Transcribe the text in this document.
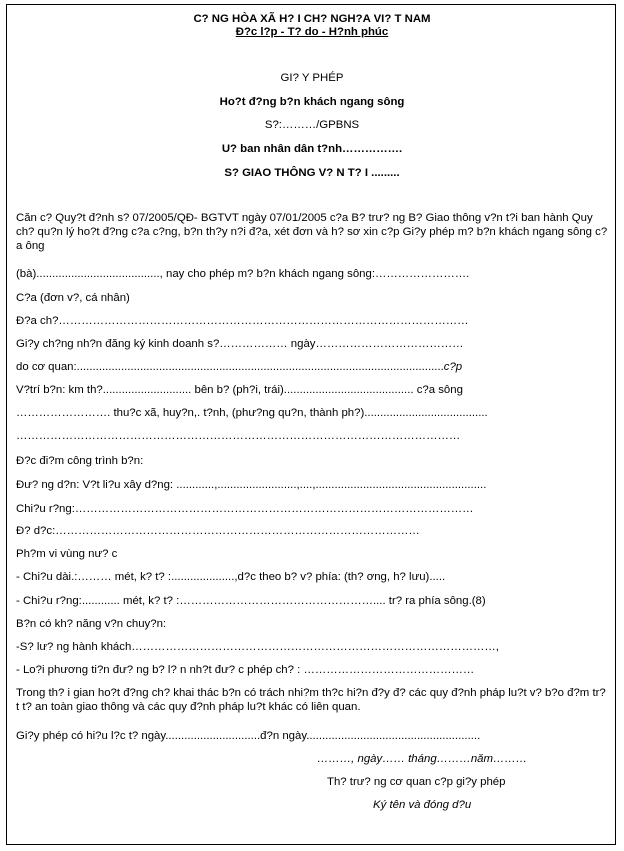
C? NG HÒA XÃ H? I CH? NGH?A VI? T NAM
Đ?c l?p - T? do - H?nh phúc
GI? Y PHÉP
Ho?t đ?ng b?n khách ngang sông
S?:………/GPBNS
U? ban nhân dân t?nh…………….
S? GIAO THÔNG V? N T? I .........
Căn c? Quy?t đ?nh s? 07/2005/QĐ- BGTVT ngày 07/01/2005 c?a B? trư? ng B? Giao thông v?n t?i ban hành Quy ch? qu?n lý ho?t đ?ng c?a c?ng, b?n th?y n?i đ?a, xét đơn và h? sơ xin c?p Gi?y phép m? b?n khách ngang sông c?a ông
(bà)......................................., nay cho phép m? b?n khách ngang sông:…………………….
C?a (đơn v?, cá nhân)
Đ?a ch?………………………………………………………………………………………………
Gi?y ch?ng nh?n đăng ký kinh doanh s?……………… ngày…………………………………
do cơ quan:....................................................................................................................c?p
V?trí b?n: km th?............................ bên b? (ph?i, trái)......................................... c?a sông
……………………. thu?c xã, huy?n,. t?nh, (phư?ng qu?n, thành ph?).......................................
………………………………………………………………………………………………………
Đ?c đi?m công trình b?n:
Đư? ng d?n: V?t li?u xây d?ng: ............,.........................,....,......................................................
Chi?u r?ng:……………………………………………………………………………………………
Đ? d?c:……………………………………………………………………………………
Ph?m vi vùng nư? c
- Chi?u dài.:……… mét, k? t? :....................,d?c theo b? v? phía: (th? ơng, h? lưu).....
- Chi?u r?ng:............ mét, k? t? :…………………………………………….... tr? ra phía sông.(8)
B?n có kh? năng v?n chuy?n:
-S? lư? ng hành khách……………………………………………………………………………………,
- Lo?i phương ti?n đư? ng b? l? n nh?t đư? c phép ch? : ………………………………………
Trong th? i gian ho?t đ?ng ch? khai thác b?n có trách nhi?m th?c hi?n đ?y đ? các quy đ?nh pháp lu?t v? b?o đ?m tr?t t? an toàn giao thông và các quy đ?nh pháp lu?t khác có liên quan.
Gi?y phép có hi?u l?c t? ngày..............................đ?n ngày.......................................................
………, ngày…… tháng………năm………
Th? trư? ng cơ quan c?p gi?y phép
Ký tên và đóng d?u
